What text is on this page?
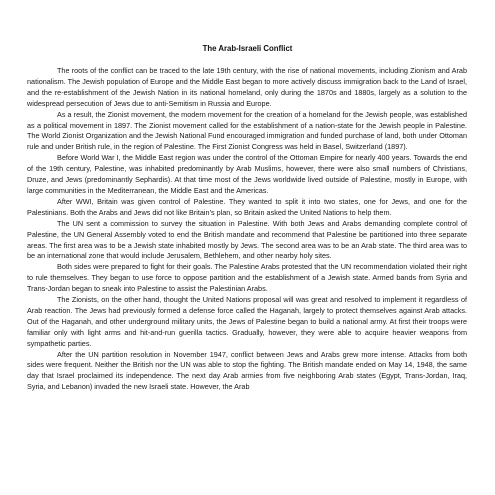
The Arab-Israeli Conflict

The roots of the conflict can be traced to the late 19th century, with the rise of national movements, including Zionism and Arab nationalism. The Jewish population of Europe and the Middle East began to more actively discuss immigration back to the Land of Israel, and the re-establishment of the Jewish Nation in its national homeland, only during the 1870s and 1880s, largely as a solution to the widespread persecution of Jews due to anti-Semitism in Russia and Europe.

As a result, the Zionist movement, the modern movement for the creation of a homeland for the Jewish people, was established as a political movement in 1897. The Zionist movement called for the establishment of a nation-state for the Jewish people in Palestine. The World Zionist Organization and the Jewish National Fund encouraged immigration and funded purchase of land, both under Ottoman rule and under British rule, in the region of Palestine. The First Zionist Congress was held in Basel, Switzerland (1897).

Before World War I, the Middle East region was under the control of the Ottoman Empire for nearly 400 years. Towards the end of the 19th century, Palestine, was inhabited predominantly by Arab Muslims, however, there were also small numbers of Christians, Druze, and Jews (predominantly Sephardis). At that time most of the Jews worldwide lived outside of Palestine, mostly in Europe, with large communities in the Mediterranean, the Middle East and the Americas.

After WWI, Britain was given control of Palestine. They wanted to split it into two states, one for Jews, and one for the Palestinians. Both the Arabs and Jews did not like Britain's plan, so Britain asked the United Nations to help them.

The UN sent a commission to survey the situation in Palestine. With both Jews and Arabs demanding complete control of Palestine, the UN General Assembly voted to end the British mandate and recommend that Palestine be partitioned into three separate areas. The first area was to be a Jewish state inhabited mostly by Jews. The second area was to be an Arab state. The third area was to be an international zone that would include Jerusalem, Bethlehem, and other nearby holy sites.

Both sides were prepared to fight for their goals. The Palestine Arabs protested that the UN recommendation violated their right to rule themselves. They began to use force to oppose partition and the establishment of a Jewish state. Armed bands from Syria and Trans-Jordan began to sneak into Palestine to assist the Palestinian Arabs.

The Zionists, on the other hand, thought the United Nations proposal will was great and resolved to implement it regardless of Arab reaction. The Jews had previously formed a defense force called the Haganah, largely to protect themselves against Arab attacks. Out of the Haganah, and other underground military units, the Jews of Palestine began to build a national army. At first their troops were familiar only with light arms and hit-and-run guerilla tactics. Gradually, however, they were able to acquire heavier weapons from sympathetic parties.

After the UN partition resolution in November 1947, conflict between Jews and Arabs grew more intense. Attacks from both sides were frequent. Neither the British nor the UN was able to stop the fighting. The British mandate ended on May 14, 1948, the same day that Israel proclaimed its independence. The next day Arab armies from five neighboring Arab states (Egypt, Trans-Jordan, Iraq, Syria, and Lebanon) invaded the new Israeli state. However, the Arab
